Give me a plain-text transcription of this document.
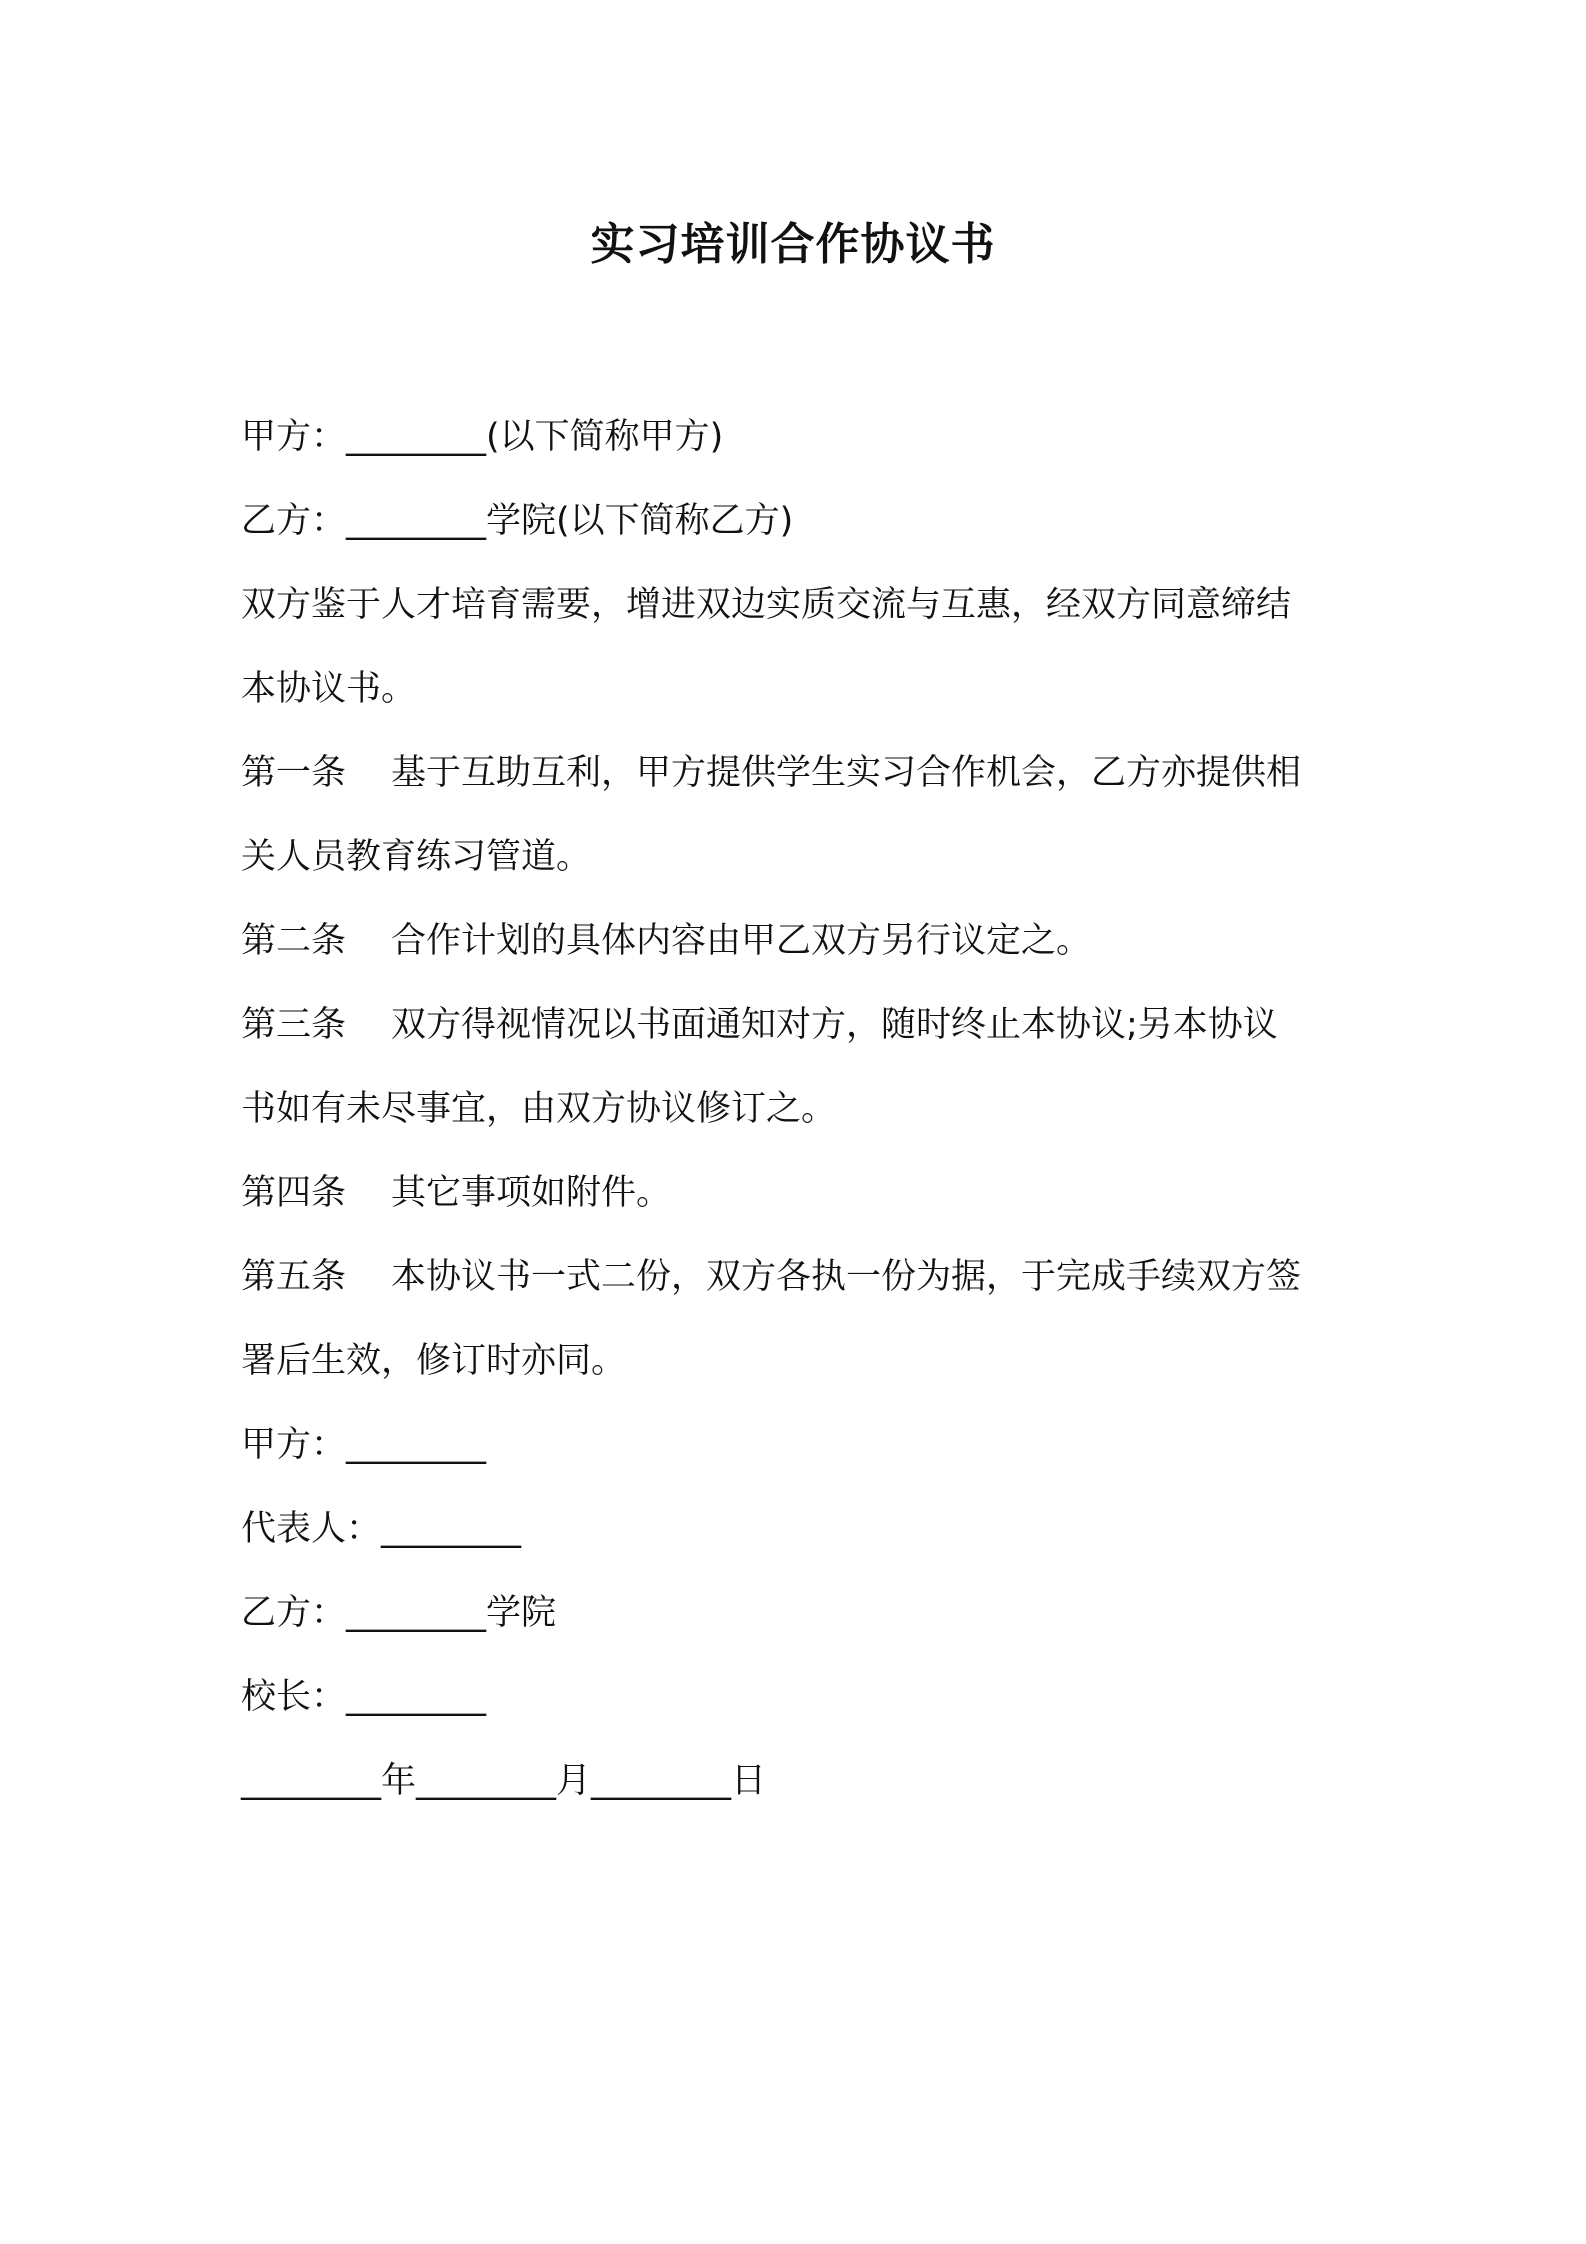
实习培训合作协议书
甲方：________(以下简称甲方)
乙方：________学院(以下简称乙方)
双方鉴于人才培育需要，增进双边实质交流与互惠，经双方同意缔结
本协议书。
第一条 基于互助互利，甲方提供学生实习合作机会，乙方亦提供相
关人员教育练习管道。
第二条 合作计划的具体内容由甲乙双方另行议定之。
第三条 双方得视情况以书面通知对方，随时终止本协议;另本协议
书如有未尽事宜，由双方协议修订之。
第四条 其它事项如附件。
第五条 本协议书一式二份，双方各执一份为据，于完成手续双方签
署后生效，修订时亦同。
甲方：________
代表人：________
乙方：________学院
校长：________
________年________月________日
